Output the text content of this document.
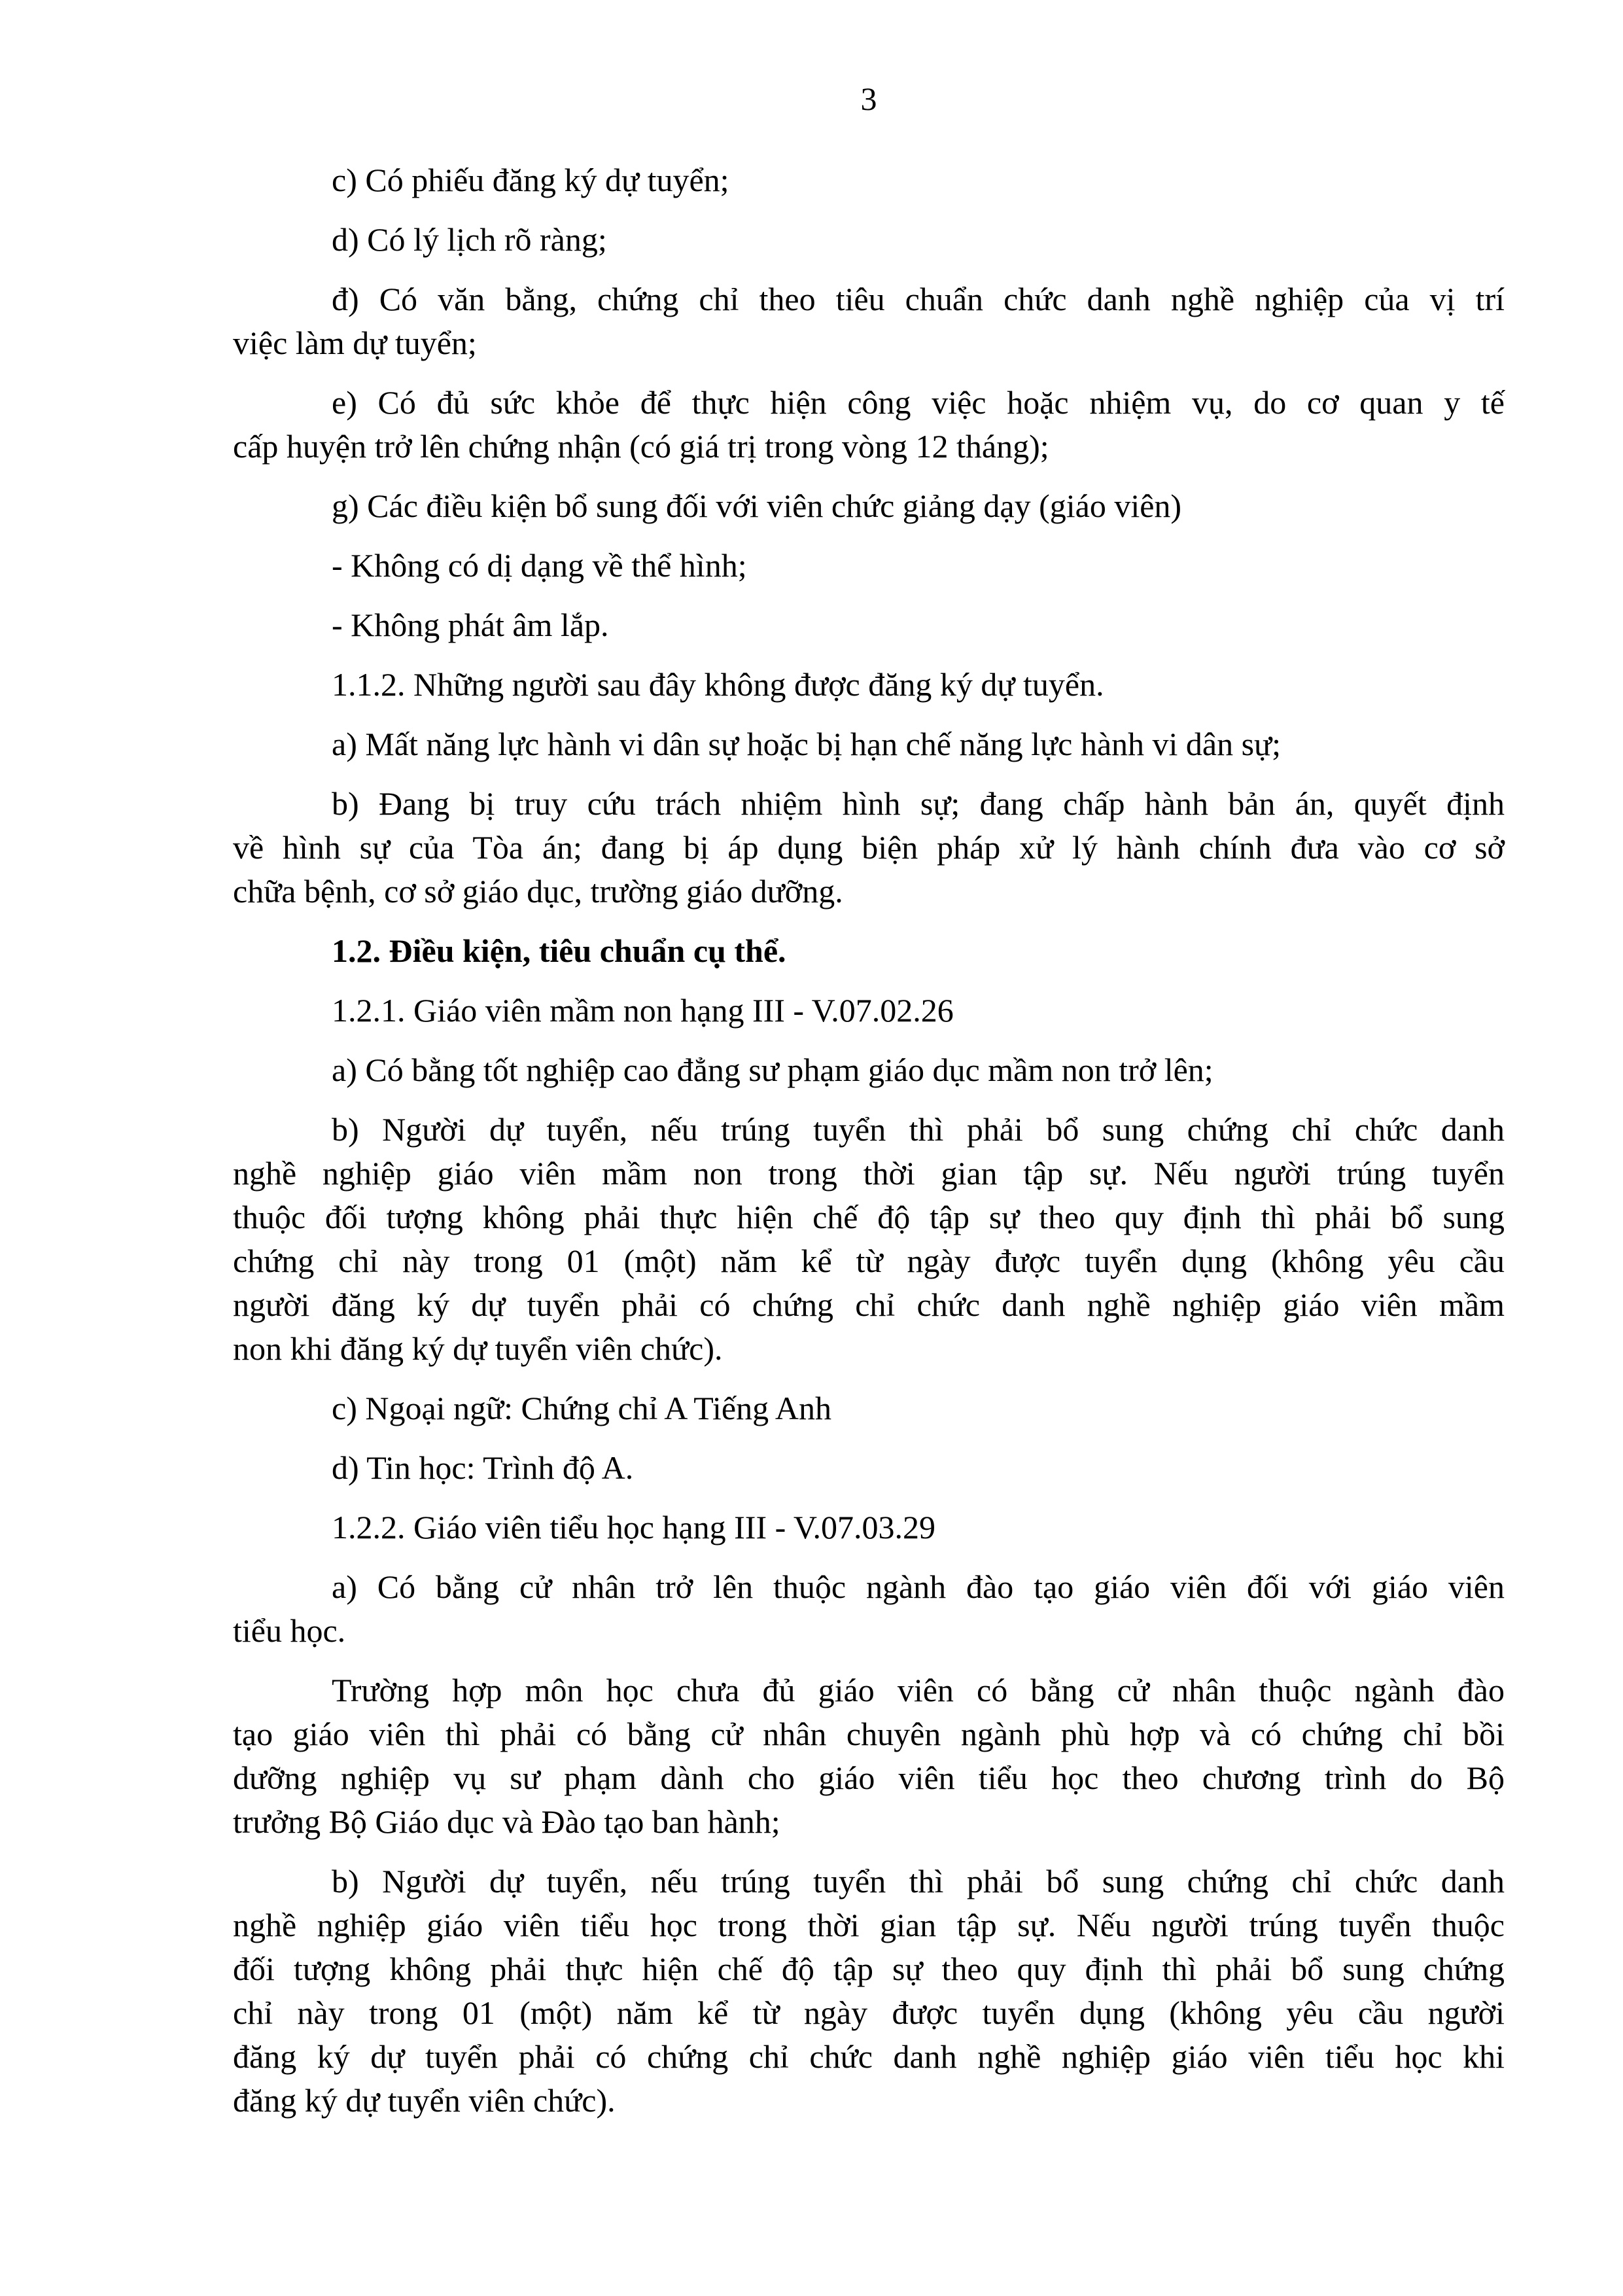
3

c) Có phiếu đăng ký dự tuyển;

d) Có lý lịch rõ ràng;

đ) Có văn bằng, chứng chỉ theo tiêu chuẩn chức danh nghề nghiệp của vị trí
việc làm dự tuyển;

e) Có đủ sức khỏe để thực hiện công việc hoặc nhiệm vụ, do cơ quan y tế
cấp huyện trở lên chứng nhận (có giá trị trong vòng 12 tháng);

g) Các điều kiện bổ sung đối với viên chức giảng dạy (giáo viên)

- Không có dị dạng về thể hình;

- Không phát âm lắp.

1.1.2. Những người sau đây không được đăng ký dự tuyển.

a) Mất năng lực hành vi dân sự hoặc bị hạn chế năng lực hành vi dân sự;

b) Đang bị truy cứu trách nhiệm hình sự; đang chấp hành bản án, quyết định
về hình sự của Tòa án; đang bị áp dụng biện pháp xử lý hành chính đưa vào cơ sở
chữa bệnh, cơ sở giáo dục, trường giáo dưỡng.

1.2. Điều kiện, tiêu chuẩn cụ thể.

1.2.1. Giáo viên mầm non hạng III - V.07.02.26

a) Có bằng tốt nghiệp cao đẳng sư phạm giáo dục mầm non trở lên;

b) Người dự tuyển, nếu trúng tuyển thì phải bổ sung chứng chỉ chức danh
nghề nghiệp giáo viên mầm non trong thời gian tập sự. Nếu người trúng tuyển
thuộc đối tượng không phải thực hiện chế độ tập sự theo quy định thì phải bổ sung
chứng chỉ này trong 01 (một) năm kể từ ngày được tuyển dụng (không yêu cầu
người đăng ký dự tuyển phải có chứng chỉ chức danh nghề nghiệp giáo viên mầm
non khi đăng ký dự tuyển viên chức).

c) Ngoại ngữ: Chứng chỉ A Tiếng Anh

d) Tin học: Trình độ A.

1.2.2. Giáo viên tiểu học hạng III - V.07.03.29

a) Có bằng cử nhân trở lên thuộc ngành đào tạo giáo viên đối với giáo viên
tiểu học.

Trường hợp môn học chưa đủ giáo viên có bằng cử nhân thuộc ngành đào
tạo giáo viên thì phải có bằng cử nhân chuyên ngành phù hợp và có chứng chỉ bồi
dưỡng nghiệp vụ sư phạm dành cho giáo viên tiểu học theo chương trình do Bộ
trưởng Bộ Giáo dục và Đào tạo ban hành;

b) Người dự tuyển, nếu trúng tuyển thì phải bổ sung chứng chỉ chức danh
nghề nghiệp giáo viên tiểu học trong thời gian tập sự. Nếu người trúng tuyển thuộc
đối tượng không phải thực hiện chế độ tập sự theo quy định thì phải bổ sung chứng
chỉ này trong 01 (một) năm kể từ ngày được tuyển dụng (không yêu cầu người
đăng ký dự tuyển phải có chứng chỉ chức danh nghề nghiệp giáo viên tiểu học khi
đăng ký dự tuyển viên chức).
